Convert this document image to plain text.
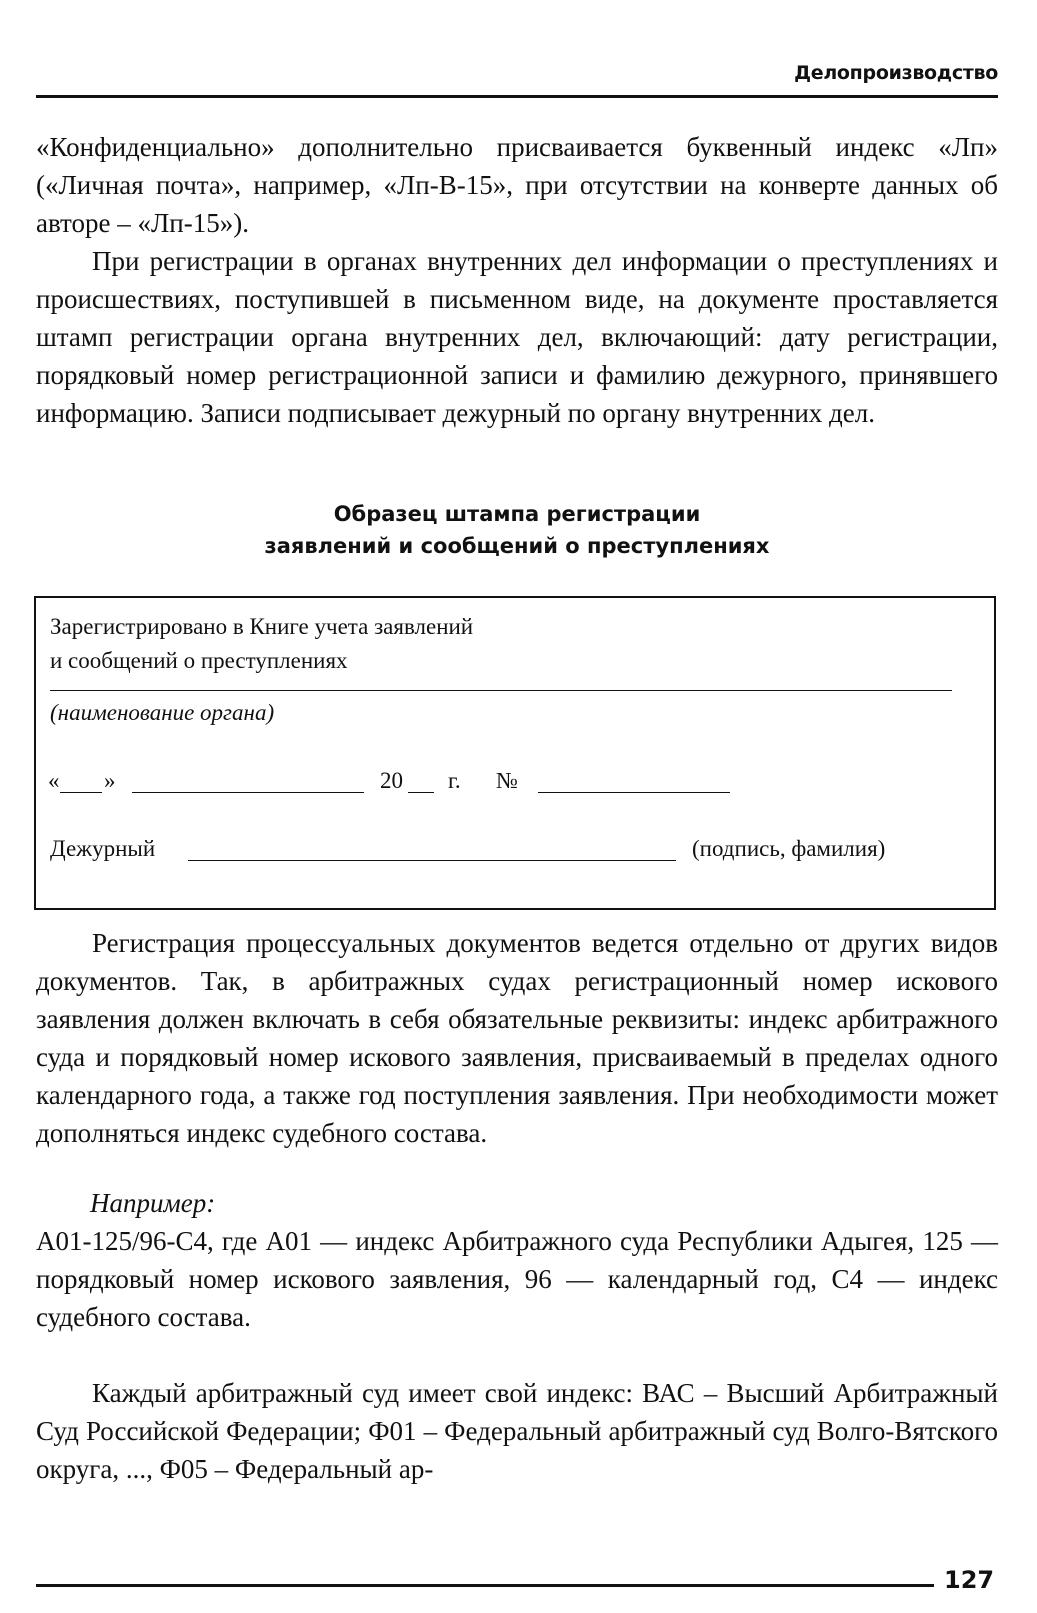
Делопроизводство

«Конфиденциально» дополнительно присваивается буквенный индекс «Лп» («Личная почта», например, «Лп-В-15», при отсутствии на конверте данных об авторе – «Лп-15»).

При регистрации в органах внутренних дел информации о преступлениях и происшествиях, поступившей в письменном виде, на документе проставляется штамп регистрации органа внутренних дел, включающий: дату регистрации, порядковый номер регистрационной записи и фамилию дежурного, принявшего информацию. Записи подписывает дежурный по органу внутренних дел.

Образец штампа регистрации
заявлений и сообщений о преступлениях
Зарегистрировано в Книге учета заявлений
и сообщений о преступлениях
(наименование органа)
« »	20 г. №
Дежурный	(подпись, фамилия)

Регистрация процессуальных документов ведется отдельно от других видов документов. Так, в арбитражных судах регистрационный номер искового заявления должен включать в себя обязательные реквизиты: индекс арбитражного суда и порядковый номер искового заявления, присваиваемый в пределах одного календарного года, а также год поступления заявления. При необходимости может дополняться индекс судебного состава.

Например:

А01-125/96-С4, где А01 — индекс Арбитражного суда Республики Адыгея, 125 — порядковый номер искового заявления, 96 — календарный год, С4 — индекс судебного состава.

Каждый арбитражный суд имеет свой индекс: ВАС – Высший Арбитражный Суд Российской Федерации; Ф01 – Федеральный арбитражный суд Волго-Вятского округа, ..., Ф05 – Федеральный ар-

127
